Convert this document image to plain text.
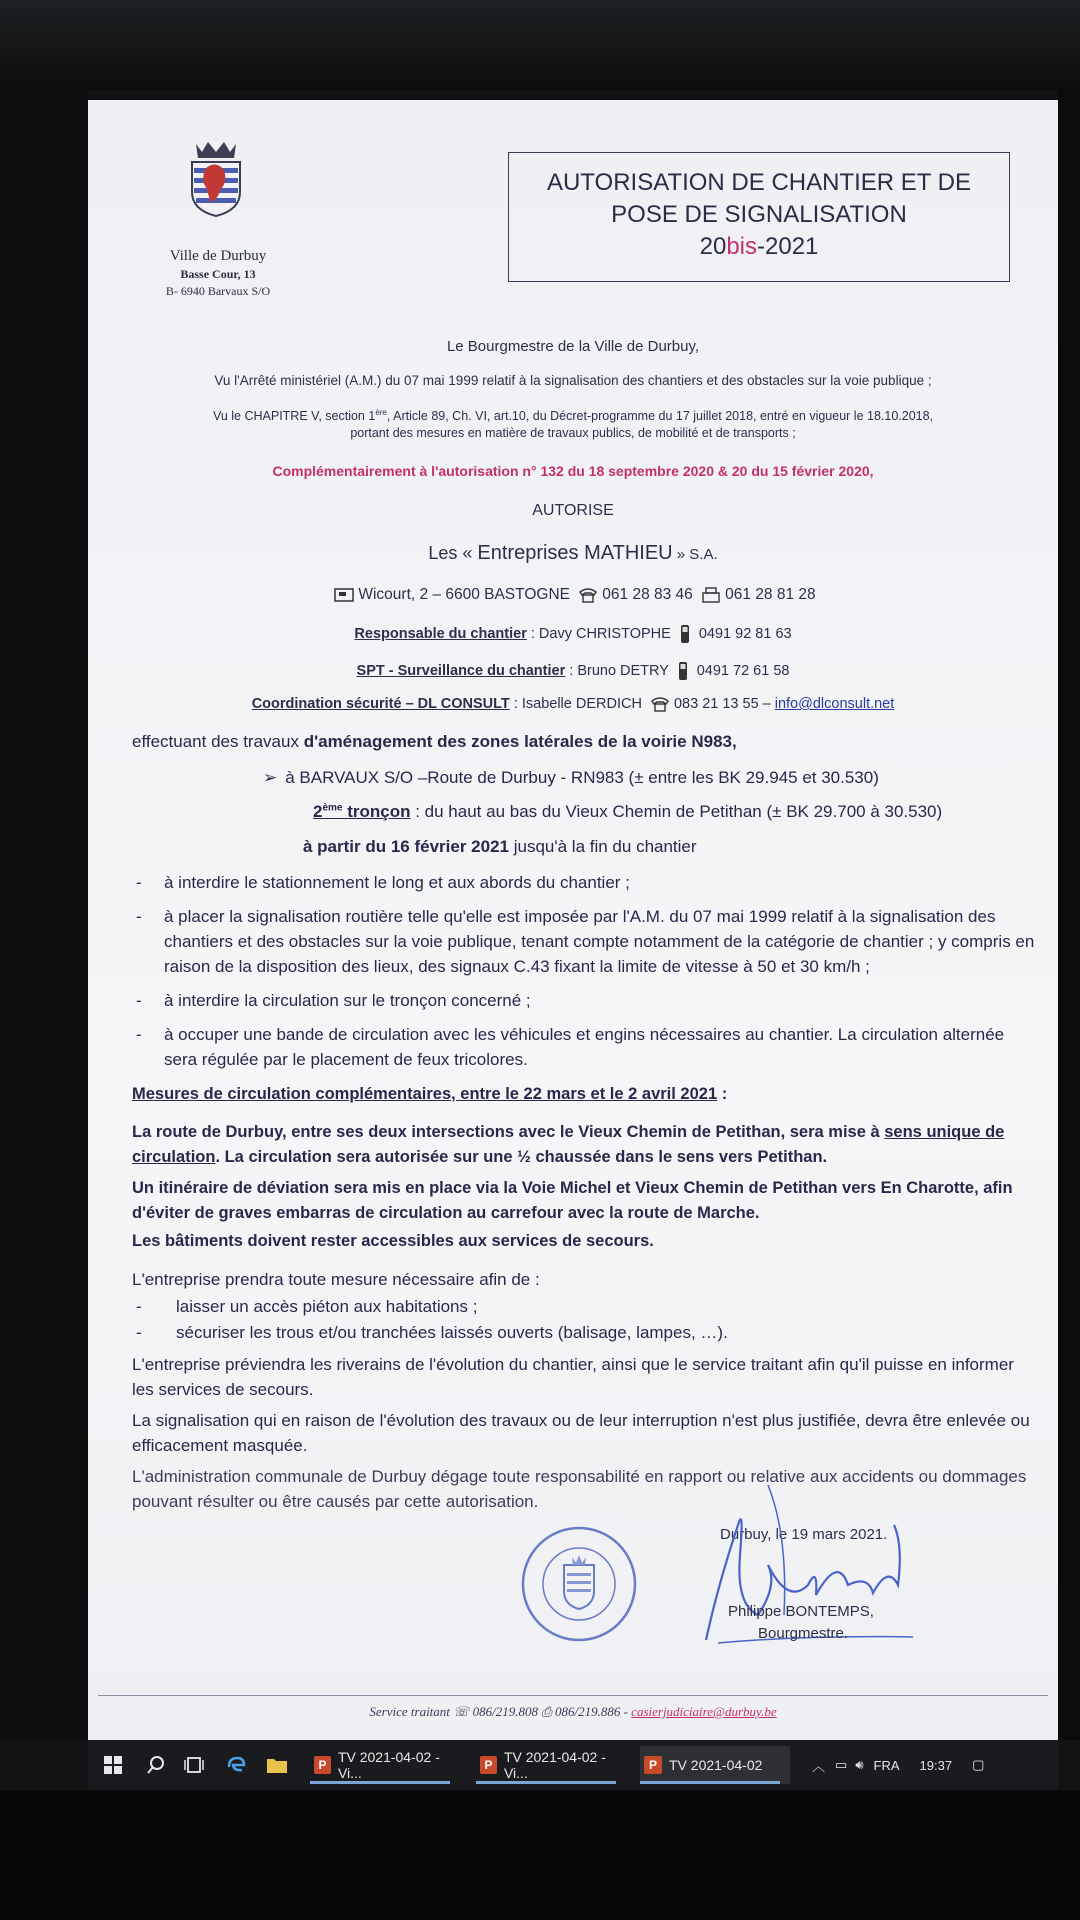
Ville de Durbuy
Basse Cour, 13
B- 6940 Barvaux S/O
AUTORISATION DE CHANTIER ET DE
POSE DE SIGNALISATION
20bis-2021
Le Bourgmestre de la Ville de Durbuy,
Vu l'Arrêté ministériel (A.M.) du 07 mai 1999 relatif à la signalisation des chantiers et des obstacles sur la voie publique ;
Vu le CHAPITRE V, section 1ère, Article 89, Ch. VI, art.10, du Décret-programme du 17 juillet 2018, entré en vigueur le 18.10.2018,
portant des mesures en matière de travaux publics, de mobilité et de transports ;
Complémentairement à l'autorisation n° 132 du 18 septembre 2020 & 20 du 15 février 2020,
AUTORISE
Les « Entreprises MATHIEU » S.A.
Wicourt, 2 – 6600 BASTOGNE 061 28 83 46 061 28 81 28
Responsable du chantier : Davy CHRISTOPHE 0491 92 81 63
SPT - Surveillance du chantier : Bruno DETRY 0491 72 61 58
Coordination sécurité – DL CONSULT : Isabelle DERDICH 083 21 13 55 – info@dlconsult.net
effectuant des travaux d'aménagement des zones latérales de la voirie N983,
➢ à BARVAUX S/O –Route de Durbuy - RN983 (± entre les BK 29.945 et 30.530)
2ème tronçon : du haut au bas du Vieux Chemin de Petithan (± BK 29.700 à 30.530)
à partir du 16 février 2021 jusqu'à la fin du chantier
- à interdire le stationnement le long et aux abords du chantier ;
- à placer la signalisation routière telle qu'elle est imposée par l'A.M. du 07 mai 1999 relatif à la signalisation des chantiers et des obstacles sur la voie publique, tenant compte notamment de la catégorie de chantier ; y compris en raison de la disposition des lieux, des signaux C.43 fixant la limite de vitesse à 50 et 30 km/h ;
- à interdire la circulation sur le tronçon concerné ;
- à occuper une bande de circulation avec les véhicules et engins nécessaires au chantier. La circulation alternée sera régulée par le placement de feux tricolores.
Mesures de circulation complémentaires, entre le 22 mars et le 2 avril 2021 :
La route de Durbuy, entre ses deux intersections avec le Vieux Chemin de Petithan, sera mise à sens unique de circulation. La circulation sera autorisée sur une ½ chaussée dans le sens vers Petithan.
Un itinéraire de déviation sera mis en place via la Voie Michel et Vieux Chemin de Petithan vers En Charotte, afin d'éviter de graves embarras de circulation au carrefour avec la route de Marche.
Les bâtiments doivent rester accessibles aux services de secours.
L'entreprise prendra toute mesure nécessaire afin de :
- laisser un accès piéton aux habitations ;
- sécuriser les trous et/ou tranchées laissés ouverts (balisage, lampes, …).
L'entreprise préviendra les riverains de l'évolution du chantier, ainsi que le service traitant afin qu'il puisse en informer les services de secours.
La signalisation qui en raison de l'évolution des travaux ou de leur interruption n'est plus justifiée, devra être enlevée ou efficacement masquée.
L'administration communale de Durbuy dégage toute responsabilité en rapport ou relative aux accidents ou dommages pouvant résulter ou être causés par cette autorisation.
Durbuy, le 19 mars 2021.
Philippe BONTEMPS,
Bourgmestre.
Service traitant ☏ 086/219.808 ⎙ 086/219.886 - casierjudiciaire@durbuy.be
P TV 2021-04-02 - Vi...	P TV 2021-04-02 - Vi...	P TV 2021-04-02	︿ ▭ 🔊︎ FRA 19:37 ▢
